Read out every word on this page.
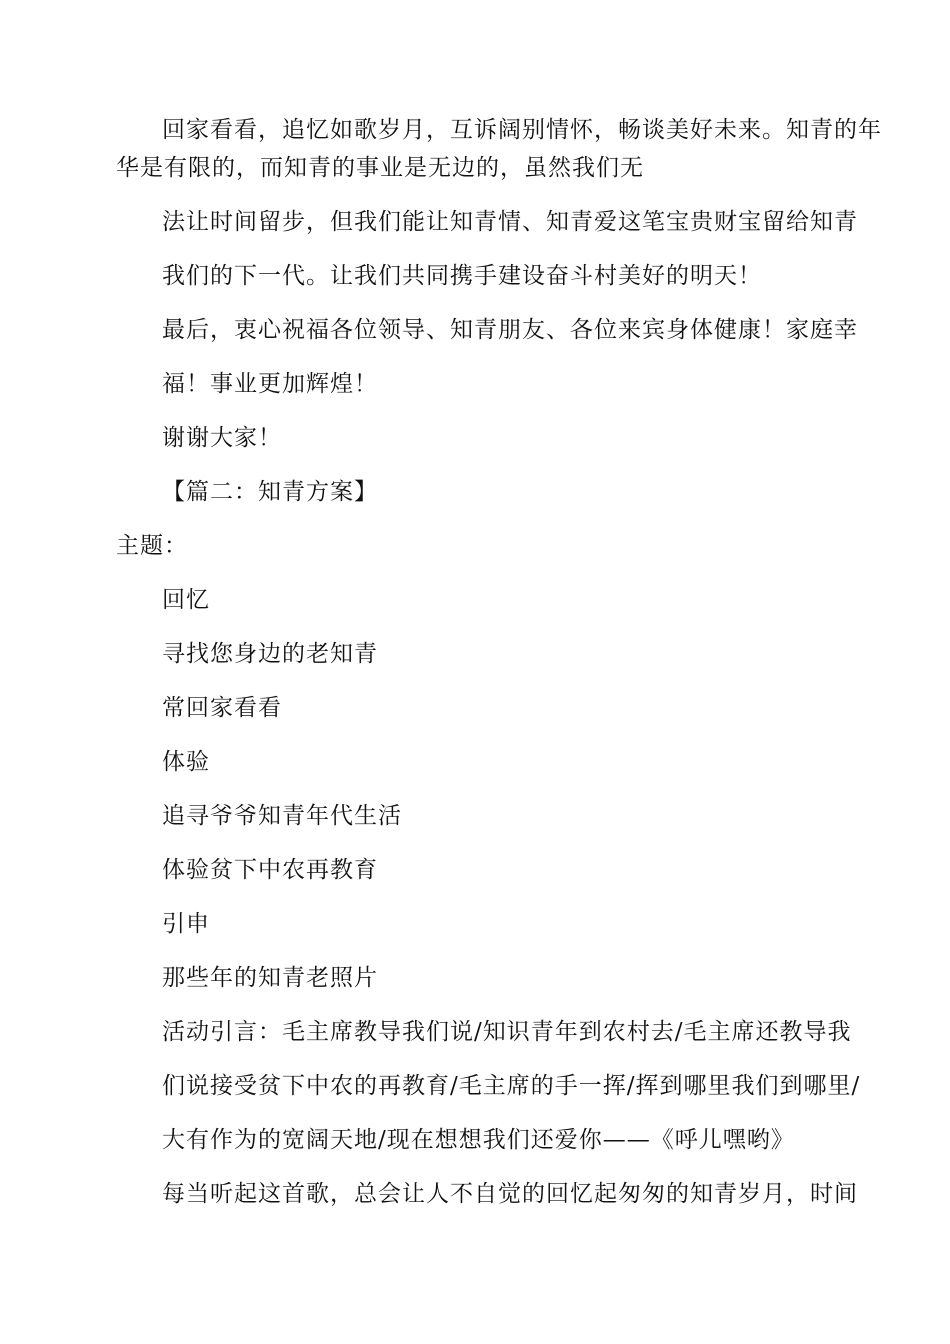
回家看看，追忆如歌岁月，互诉阔别情怀，畅谈美好未来。知青的年
华是有限的，而知青的事业是无边的，虽然我们无
法让时间留步，但我们能让知青情、知青爱这笔宝贵财宝留给知青
我们的下一代。让我们共同携手建设奋斗村美好的明天！
最后，衷心祝福各位领导、知青朋友、各位来宾身体健康！家庭幸
福！事业更加辉煌！
谢谢大家！
【篇二：知青方案】
主题：
回忆
寻找您身边的老知青
常回家看看
体验
追寻爷爷知青年代生活
体验贫下中农再教育
引申
那些年的知青老照片
活动引言：毛主席教导我们说/知识青年到农村去/毛主席还教导我
们说接受贫下中农的再教育/毛主席的手一挥/挥到哪里我们到哪里/
大有作为的宽阔天地/现在想想我们还爱你——《呼儿嘿哟》
每当听起这首歌，总会让人不自觉的回忆起匆匆的知青岁月，时间
